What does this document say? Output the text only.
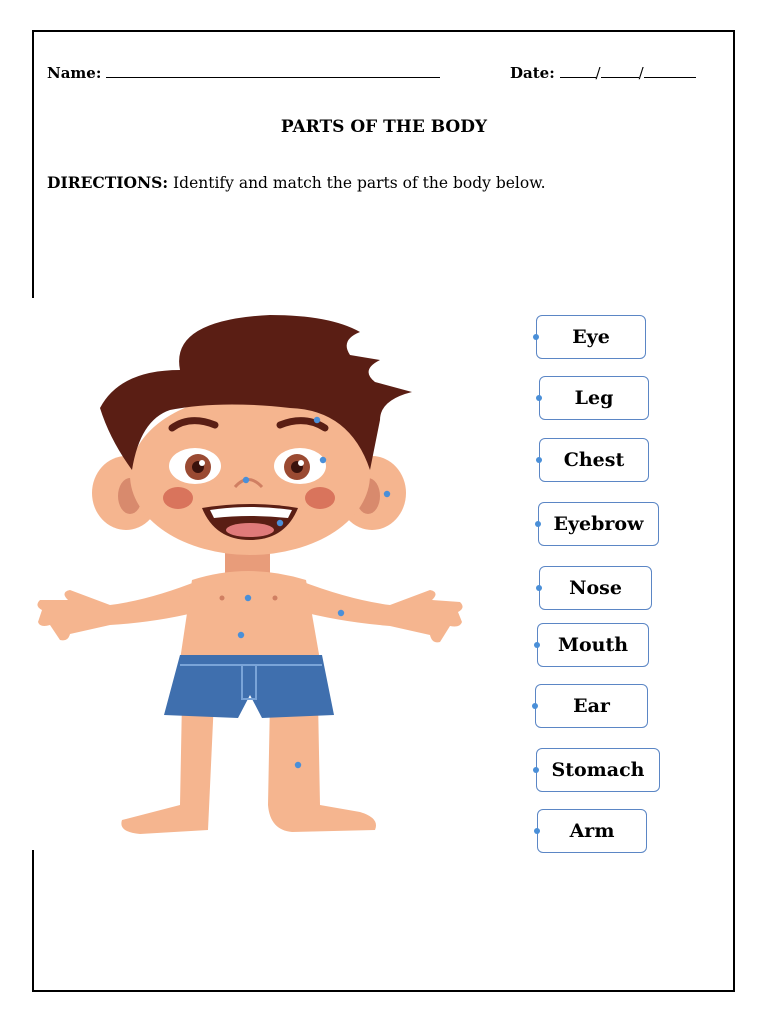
Name:	Date:	/	/
PARTS OF THE BODY
DIRECTIONS: Identify and match the parts of the body below.
Eye
Leg
Chest
Eyebrow
Nose
Mouth
Ear
Stomach
Arm
